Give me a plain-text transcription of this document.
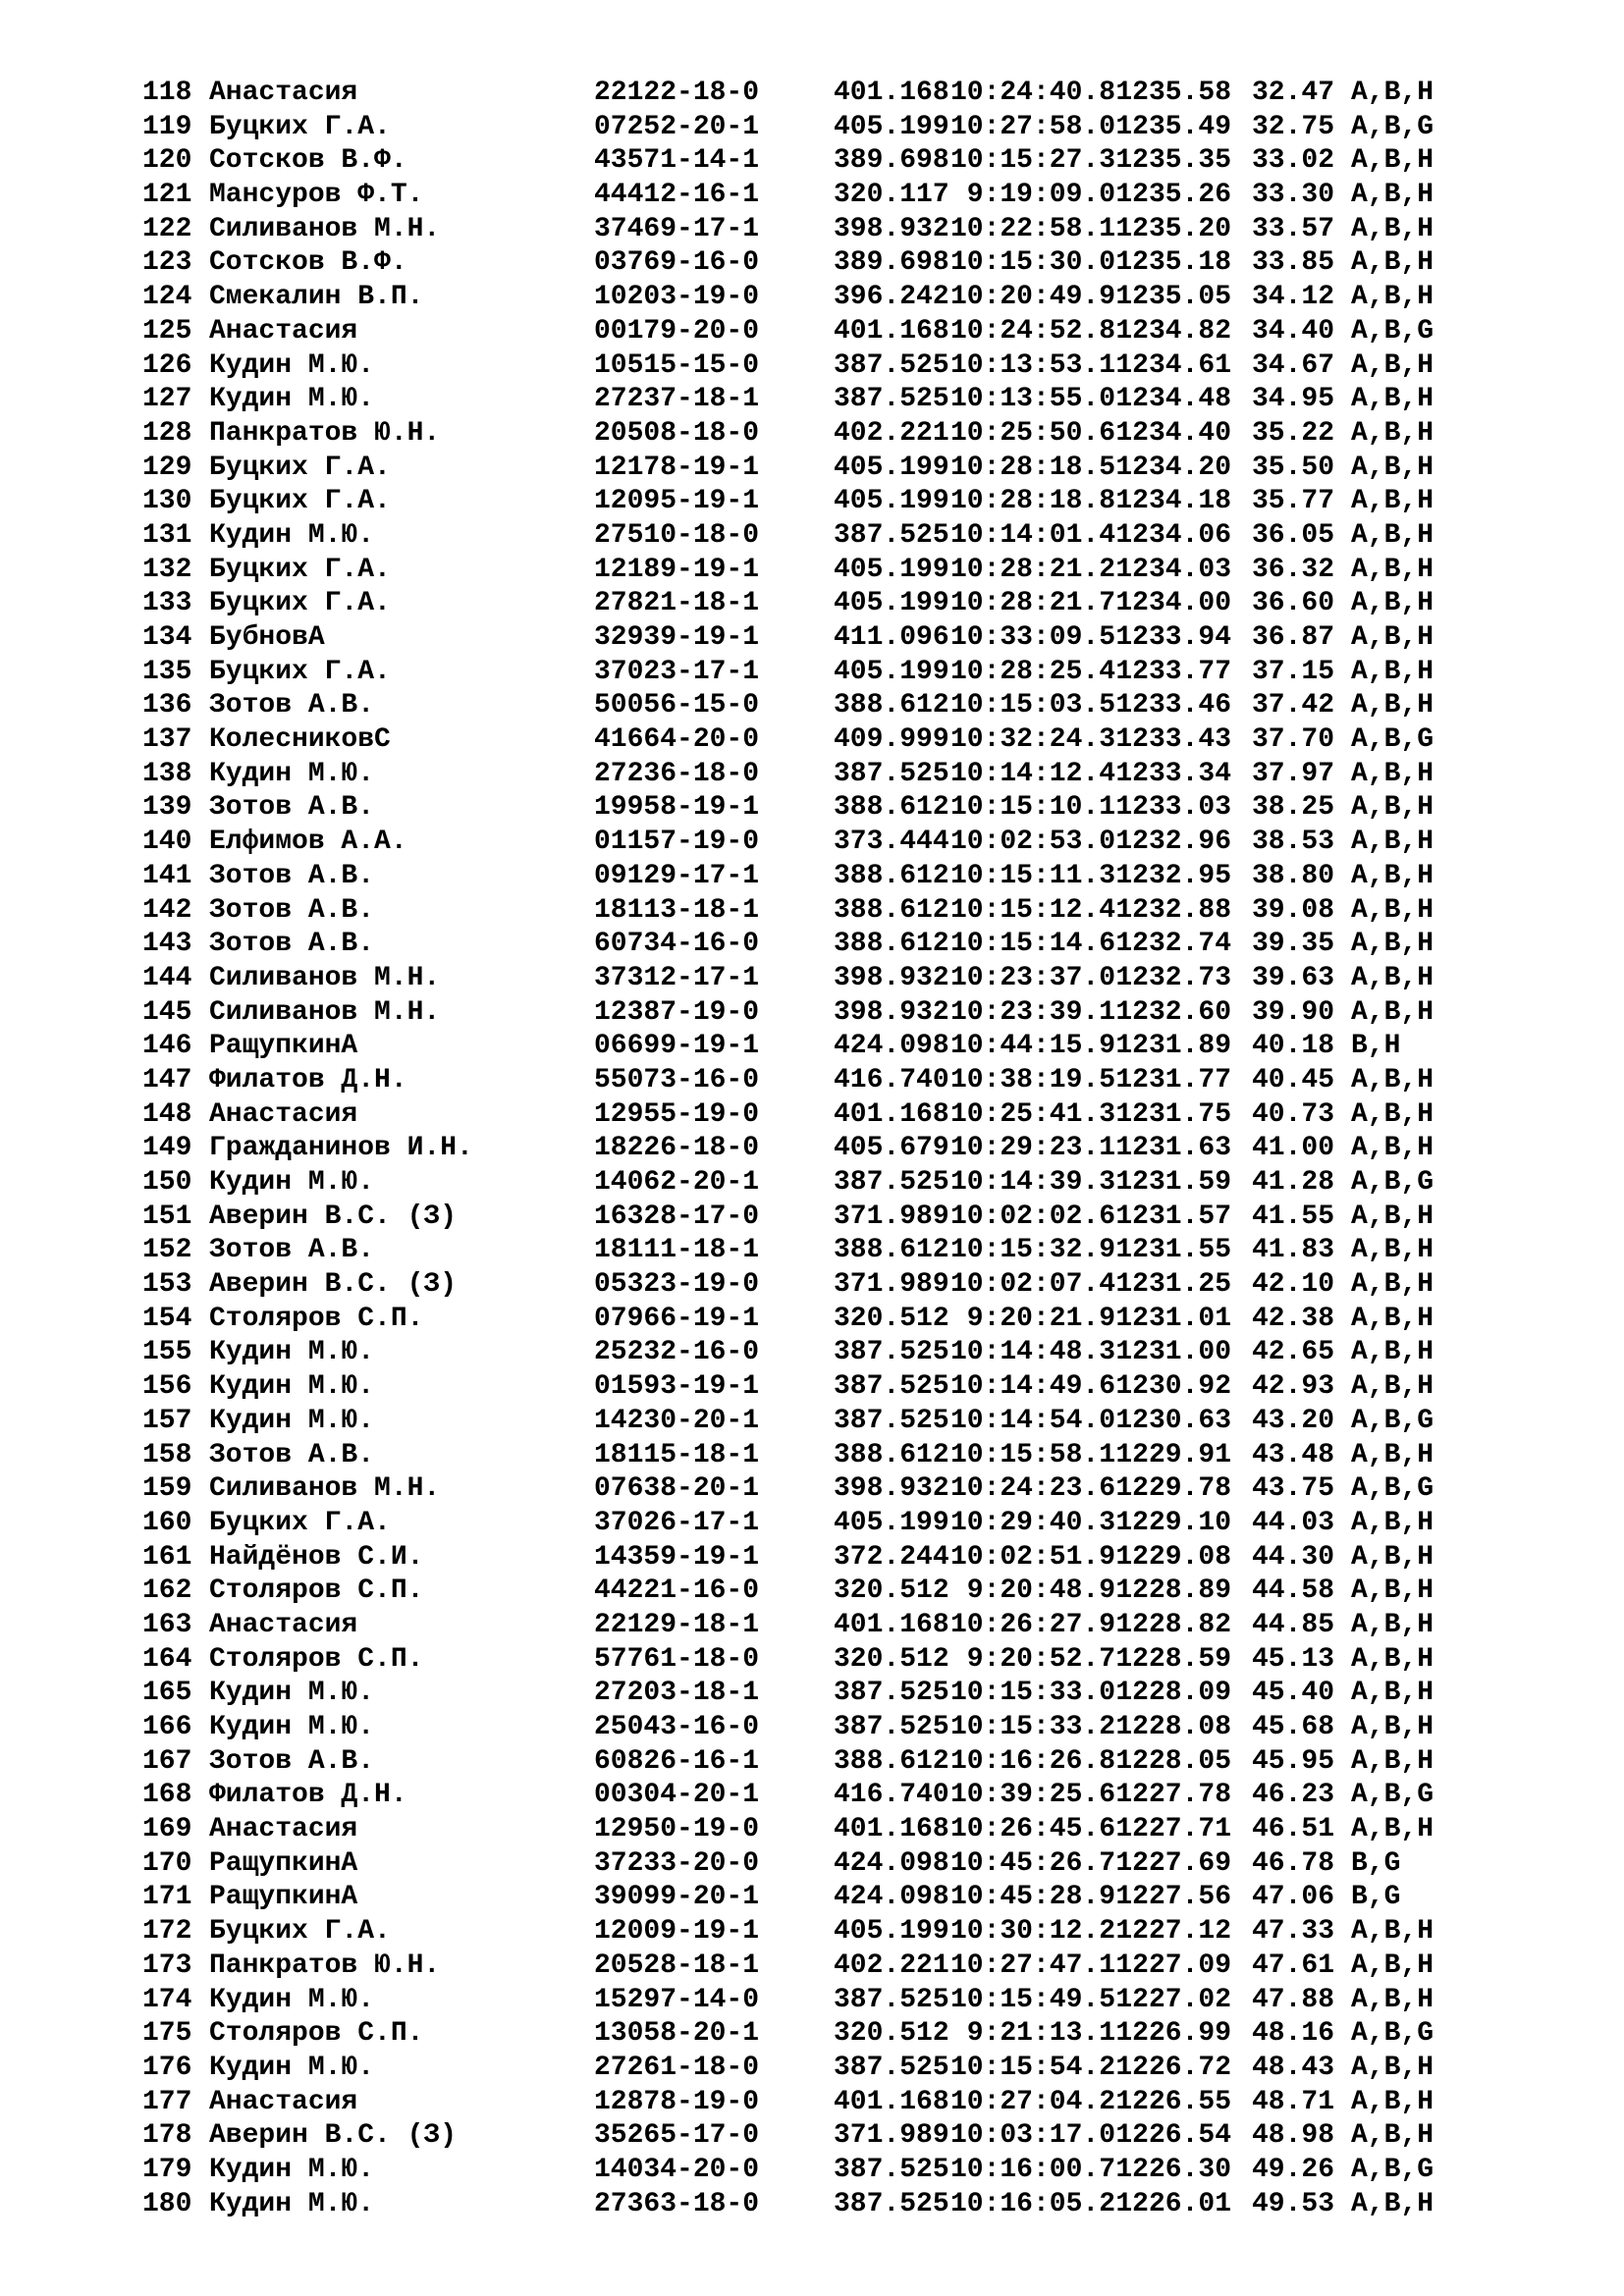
118 Анастасия	22122-18-0	401.16810:24:40.81235.58 32.47 A,B,H
119 Буцких Г.А.	07252-20-1	405.19910:27:58.01235.49 32.75 A,B,G
120 Сотсков В.Ф.	43571-14-1	389.69810:15:27.31235.35 33.02 A,B,H
121 Мансуров Ф.Т.	44412-16-1	320.117 9:19:09.01235.26 33.30 A,B,H
122 Силиванов М.Н.	37469-17-1	398.93210:22:58.11235.20 33.57 A,B,H
123 Сотсков В.Ф.	03769-16-0	389.69810:15:30.01235.18 33.85 A,B,H
124 Смекалин В.П.	10203-19-0	396.24210:20:49.91235.05 34.12 A,B,H
125 Анастасия	00179-20-0	401.16810:24:52.81234.82 34.40 A,B,G
126 Кудин М.Ю.	10515-15-0	387.52510:13:53.11234.61 34.67 A,B,H
127 Кудин М.Ю.	27237-18-1	387.52510:13:55.01234.48 34.95 A,B,H
128 Панкратов Ю.Н.	20508-18-0	402.22110:25:50.61234.40 35.22 A,B,H
129 Буцких Г.А.	12178-19-1	405.19910:28:18.51234.20 35.50 A,B,H
130 Буцких Г.А.	12095-19-1	405.19910:28:18.81234.18 35.77 A,B,H
131 Кудин М.Ю.	27510-18-0	387.52510:14:01.41234.06 36.05 A,B,H
132 Буцких Г.А.	12189-19-1	405.19910:28:21.21234.03 36.32 A,B,H
133 Буцких Г.А.	27821-18-1	405.19910:28:21.71234.00 36.60 A,B,H
134 БубновА	32939-19-1	411.09610:33:09.51233.94 36.87 A,B,H
135 Буцких Г.А.	37023-17-1	405.19910:28:25.41233.77 37.15 A,B,H
136 Зотов А.В.	50056-15-0	388.61210:15:03.51233.46 37.42 A,B,H
137 КолесниковС	41664-20-0	409.99910:32:24.31233.43 37.70 A,B,G
138 Кудин М.Ю.	27236-18-0	387.52510:14:12.41233.34 37.97 A,B,H
139 Зотов А.В.	19958-19-1	388.61210:15:10.11233.03 38.25 A,B,H
140 Елфимов А.А.	01157-19-0	373.44410:02:53.01232.96 38.53 A,B,H
141 Зотов А.В.	09129-17-1	388.61210:15:11.31232.95 38.80 A,B,H
142 Зотов А.В.	18113-18-1	388.61210:15:12.41232.88 39.08 A,B,H
143 Зотов А.В.	60734-16-0	388.61210:15:14.61232.74 39.35 A,B,H
144 Силиванов М.Н.	37312-17-1	398.93210:23:37.01232.73 39.63 A,B,H
145 Силиванов М.Н.	12387-19-0	398.93210:23:39.11232.60 39.90 A,B,H
146 РащупкинА	06699-19-1	424.09810:44:15.91231.89 40.18 B,H
147 Филатов Д.Н.	55073-16-0	416.74010:38:19.51231.77 40.45 A,B,H
148 Анастасия	12955-19-0	401.16810:25:41.31231.75 40.73 A,B,H
149 Гражданинов И.Н.	18226-18-0	405.67910:29:23.11231.63 41.00 A,B,H
150 Кудин М.Ю.	14062-20-1	387.52510:14:39.31231.59 41.28 A,B,G
151 Аверин В.С. (З)	16328-17-0	371.98910:02:02.61231.57 41.55 A,B,H
152 Зотов А.В.	18111-18-1	388.61210:15:32.91231.55 41.83 A,B,H
153 Аверин В.С. (З)	05323-19-0	371.98910:02:07.41231.25 42.10 A,B,H
154 Столяров С.П.	07966-19-1	320.512 9:20:21.91231.01 42.38 A,B,H
155 Кудин М.Ю.	25232-16-0	387.52510:14:48.31231.00 42.65 A,B,H
156 Кудин М.Ю.	01593-19-1	387.52510:14:49.61230.92 42.93 A,B,H
157 Кудин М.Ю.	14230-20-1	387.52510:14:54.01230.63 43.20 A,B,G
158 Зотов А.В.	18115-18-1	388.61210:15:58.11229.91 43.48 A,B,H
159 Силиванов М.Н.	07638-20-1	398.93210:24:23.61229.78 43.75 A,B,G
160 Буцких Г.А.	37026-17-1	405.19910:29:40.31229.10 44.03 A,B,H
161 Найдёнов С.И.	14359-19-1	372.24410:02:51.91229.08 44.30 A,B,H
162 Столяров С.П.	44221-16-0	320.512 9:20:48.91228.89 44.58 A,B,H
163 Анастасия	22129-18-1	401.16810:26:27.91228.82 44.85 A,B,H
164 Столяров С.П.	57761-18-0	320.512 9:20:52.71228.59 45.13 A,B,H
165 Кудин М.Ю.	27203-18-1	387.52510:15:33.01228.09 45.40 A,B,H
166 Кудин М.Ю.	25043-16-0	387.52510:15:33.21228.08 45.68 A,B,H
167 Зотов А.В.	60826-16-1	388.61210:16:26.81228.05 45.95 A,B,H
168 Филатов Д.Н.	00304-20-1	416.74010:39:25.61227.78 46.23 A,B,G
169 Анастасия	12950-19-0	401.16810:26:45.61227.71 46.51 A,B,H
170 РащупкинА	37233-20-0	424.09810:45:26.71227.69 46.78 B,G
171 РащупкинА	39099-20-1	424.09810:45:28.91227.56 47.06 B,G
172 Буцких Г.А.	12009-19-1	405.19910:30:12.21227.12 47.33 A,B,H
173 Панкратов Ю.Н.	20528-18-1	402.22110:27:47.11227.09 47.61 A,B,H
174 Кудин М.Ю.	15297-14-0	387.52510:15:49.51227.02 47.88 A,B,H
175 Столяров С.П.	13058-20-1	320.512 9:21:13.11226.99 48.16 A,B,G
176 Кудин М.Ю.	27261-18-0	387.52510:15:54.21226.72 48.43 A,B,H
177 Анастасия	12878-19-0	401.16810:27:04.21226.55 48.71 A,B,H
178 Аверин В.С. (З)	35265-17-0	371.98910:03:17.01226.54 48.98 A,B,H
179 Кудин М.Ю.	14034-20-0	387.52510:16:00.71226.30 49.26 A,B,G
180 Кудин М.Ю.	27363-18-0	387.52510:16:05.21226.01 49.53 A,B,H
